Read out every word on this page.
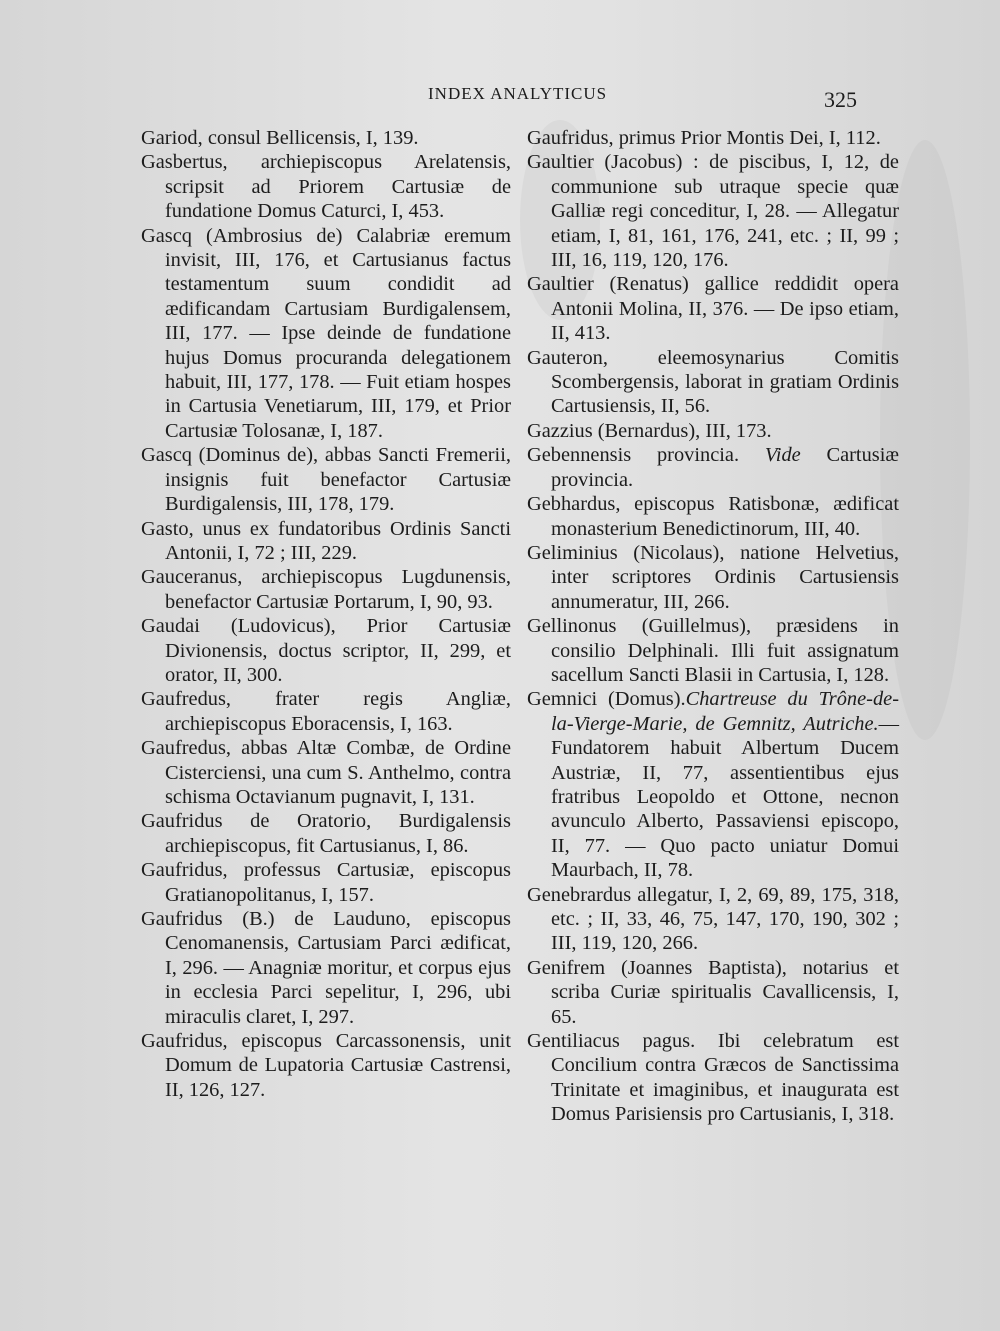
INDEX ANALYTICUS	325

Gariod, consul Bellicensis, I, 139.

Gasbertus, archiepiscopus Arelatensis, scripsit ad Priorem Cartusiæ de fundatione Domus Caturci, I, 453.

Gascq (Ambrosius de) Calabriæ eremum invisit, III, 176, et Cartusianus factus testamentum suum condidit ad ædificandam Cartusiam Burdigalensem, III, 177. — Ipse deinde de fundatione hujus Domus procuranda delegationem habuit, III, 177, 178. — Fuit etiam hospes in Cartusia Venetiarum, III, 179, et Prior Cartusiæ Tolosanæ, I, 187.

Gascq (Dominus de), abbas Sancti Fremerii, insignis fuit benefactor Cartusiæ Burdigalensis, III, 178, 179.

Gasto, unus ex fundatoribus Ordinis Sancti Antonii, I, 72 ; III, 229.

Gauceranus, archiepiscopus Lugdunensis, benefactor Cartusiæ Portarum, I, 90, 93.

Gaudai (Ludovicus), Prior Cartusiæ Divionensis, doctus scriptor, II, 299, et orator, II, 300.

Gaufredus, frater regis Angliæ, archiepiscopus Eboracensis, I, 163.

Gaufredus, abbas Altæ Combæ, de Ordine Cisterciensi, una cum S. Anthelmo, contra schisma Octavianum pugnavit, I, 131.

Gaufridus de Oratorio, Burdigalensis archiepiscopus, fit Cartusianus, I, 86.

Gaufridus, professus Cartusiæ, episcopus Gratianopolitanus, I, 157.

Gaufridus (B.) de Lauduno, episcopus Cenomanensis, Cartusiam Parci ædificat, I, 296. — Anagniæ moritur, et corpus ejus in ecclesia Parci sepelitur, I, 296, ubi miraculis claret, I, 297.

Gaufridus, episcopus Carcassonensis, unit Domum de Lupatoria Cartusiæ Castrensi, II, 126, 127.

Gaufridus, primus Prior Montis Dei, I, 112.

Gaultier (Jacobus) : de piscibus, I, 12, de communione sub utraque specie quæ Galliæ regi conceditur, I, 28. — Allegatur etiam, I, 81, 161, 176, 241, etc. ; II, 99 ; III, 16, 119, 120, 176.

Gaultier (Renatus) gallice reddidit opera Antonii Molina, II, 376. — De ipso etiam, II, 413.

Gauteron, eleemosynarius Comitis Scombergensis, laborat in gratiam Ordinis Cartusiensis, II, 56.

Gazzius (Bernardus), III, 173.

Gebennensis provincia. Vide Cartusiæ provincia.

Gebhardus, episcopus Ratisbonæ, ædificat monasterium Benedictinorum, III, 40.

Geliminius (Nicolaus), natione Helvetius, inter scriptores Ordinis Cartusiensis annumeratur, III, 266.

Gellinonus (Guillelmus), præsidens in consilio Delphinali. Illi fuit assignatum sacellum Sancti Blasii in Cartusia, I, 128.

Gemnici (Domus).Chartreuse du Trône-de-la-Vierge-Marie, de Gemnitz, Autriche.—Fundatorem habuit Albertum Ducem Austriæ, II, 77, assentientibus ejus fratribus Leopoldo et Ottone, necnon avunculo Alberto, Passaviensi episcopo, II, 77. — Quo pacto uniatur Domui Maurbach, II, 78.

Genebrardus allegatur, I, 2, 69, 89, 175, 318, etc. ; II, 33, 46, 75, 147, 170, 190, 302 ; III, 119, 120, 266.

Genifrem (Joannes Baptista), notarius et scriba Curiæ spiritualis Cavallicensis, I, 65.

Gentiliacus pagus. Ibi celebratum est Concilium contra Græcos de Sanctissima Trinitate et imaginibus, et inaugurata est Domus Parisiensis pro Cartusianis, I, 318.
